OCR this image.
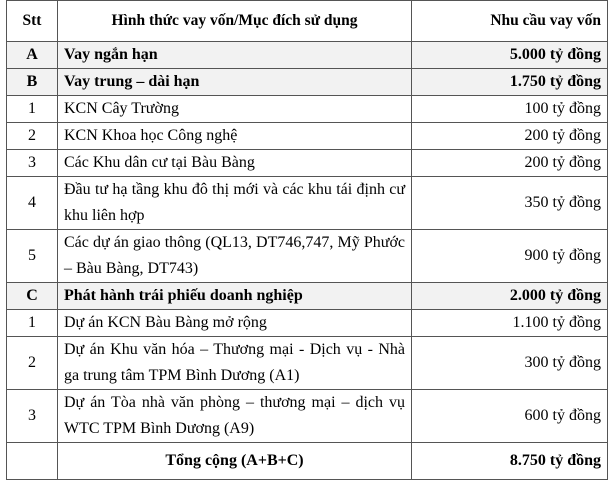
Stt	Hình thức vay vốn/Mục đích sử dụng	Nhu cầu vay vốn
A	Vay ngắn hạn	5.000 tỷ đồng
B	Vay trung – dài hạn	1.750 tỷ đồng
1	KCN Cây Trường	100 tỷ đồng
2	KCN Khoa học Công nghệ	200 tỷ đồng
3	Các Khu dân cư tại Bàu Bàng	200 tỷ đồng
4	Đầu tư hạ tầng khu đô thị mới và các khu tái định cư khu liên hợp	350 tỷ đồng
5	Các dự án giao thông (QL13, DT746,747, Mỹ Phước – Bàu Bàng, DT743)	900 tỷ đồng
C	Phát hành trái phiếu doanh nghiệp	2.000 tỷ đồng
1	Dự án KCN Bàu Bàng mở rộng	1.100 tỷ đồng
2	Dự án Khu văn hóa – Thương mại - Dịch vụ - Nhà ga trung tâm TPM Bình Dương (A1)	300 tỷ đồng
3	Dự án Tòa nhà văn phòng – thương mại – dịch vụ WTC TPM Bình Dương (A9)	600 tỷ đồng
	Tổng cộng (A+B+C)	8.750 tỷ đồng
